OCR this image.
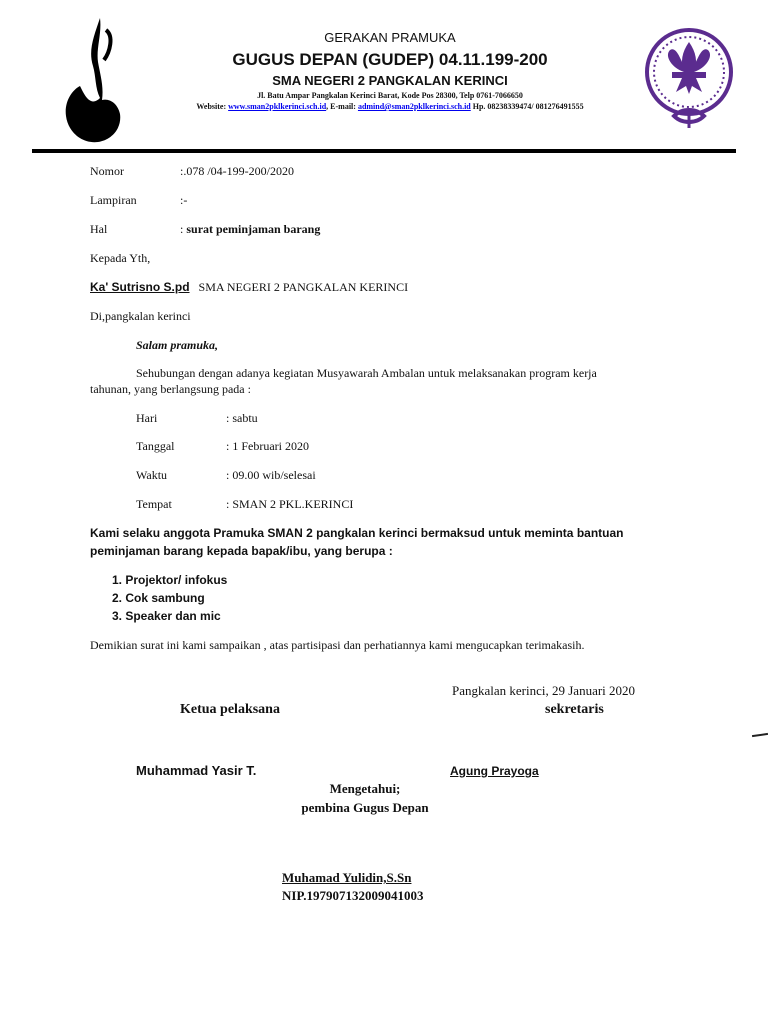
GERAKAN PRAMUKA
GUGUS DEPAN (GUDEP) 04.11.199-200
SMA NEGERI 2 PANGKALAN KERINCI
Jl. Batu Ampar Pangkalan Kerinci Barat, Kode Pos 28300, Telp 0761-7066650
Website: www.sman2pklkerinci.sch.id, E-mail: admind@sman2pklkerinci.sch.id Hp. 08238339474/ 081276491555
Nomor	:.078 /04-199-200/2020
Lampiran	:-
Hal	: surat peminjaman barang
Kepada Yth,
Ka' Sutrisno S.pd SMA NEGERI 2 PANGKALAN KERINCI
Di,pangkalan kerinci
Salam pramuka,
Sehubungan dengan adanya kegiatan Musyawarah Ambalan untuk melaksanakan program kerja
tahunan, yang berlangsung pada :
Hari	: sabtu
Tanggal	: 1 Februari 2020
Waktu	: 09.00 wib/selesai
Tempat	: SMAN 2 PKL.KERINCI
Kami selaku anggota Pramuka SMAN 2 pangkalan kerinci bermaksud untuk meminta bantuan
peminjaman barang kepada bapak/ibu, yang berupa :
1. Projektor/ infokus
2. Cok sambung
3. Speaker dan mic
Demikian surat ini kami sampaikan , atas partisipasi dan perhatiannya kami mengucapkan terimakasih.
Pangkalan kerinci, 29 Januari 2020
Ketua pelaksana	sekretaris
Muhammad Yasir T.	Agung Prayoga
Mengetahui;
pembina Gugus Depan
Muhamad Yulidin,S.Sn
NIP.197907132009041003
